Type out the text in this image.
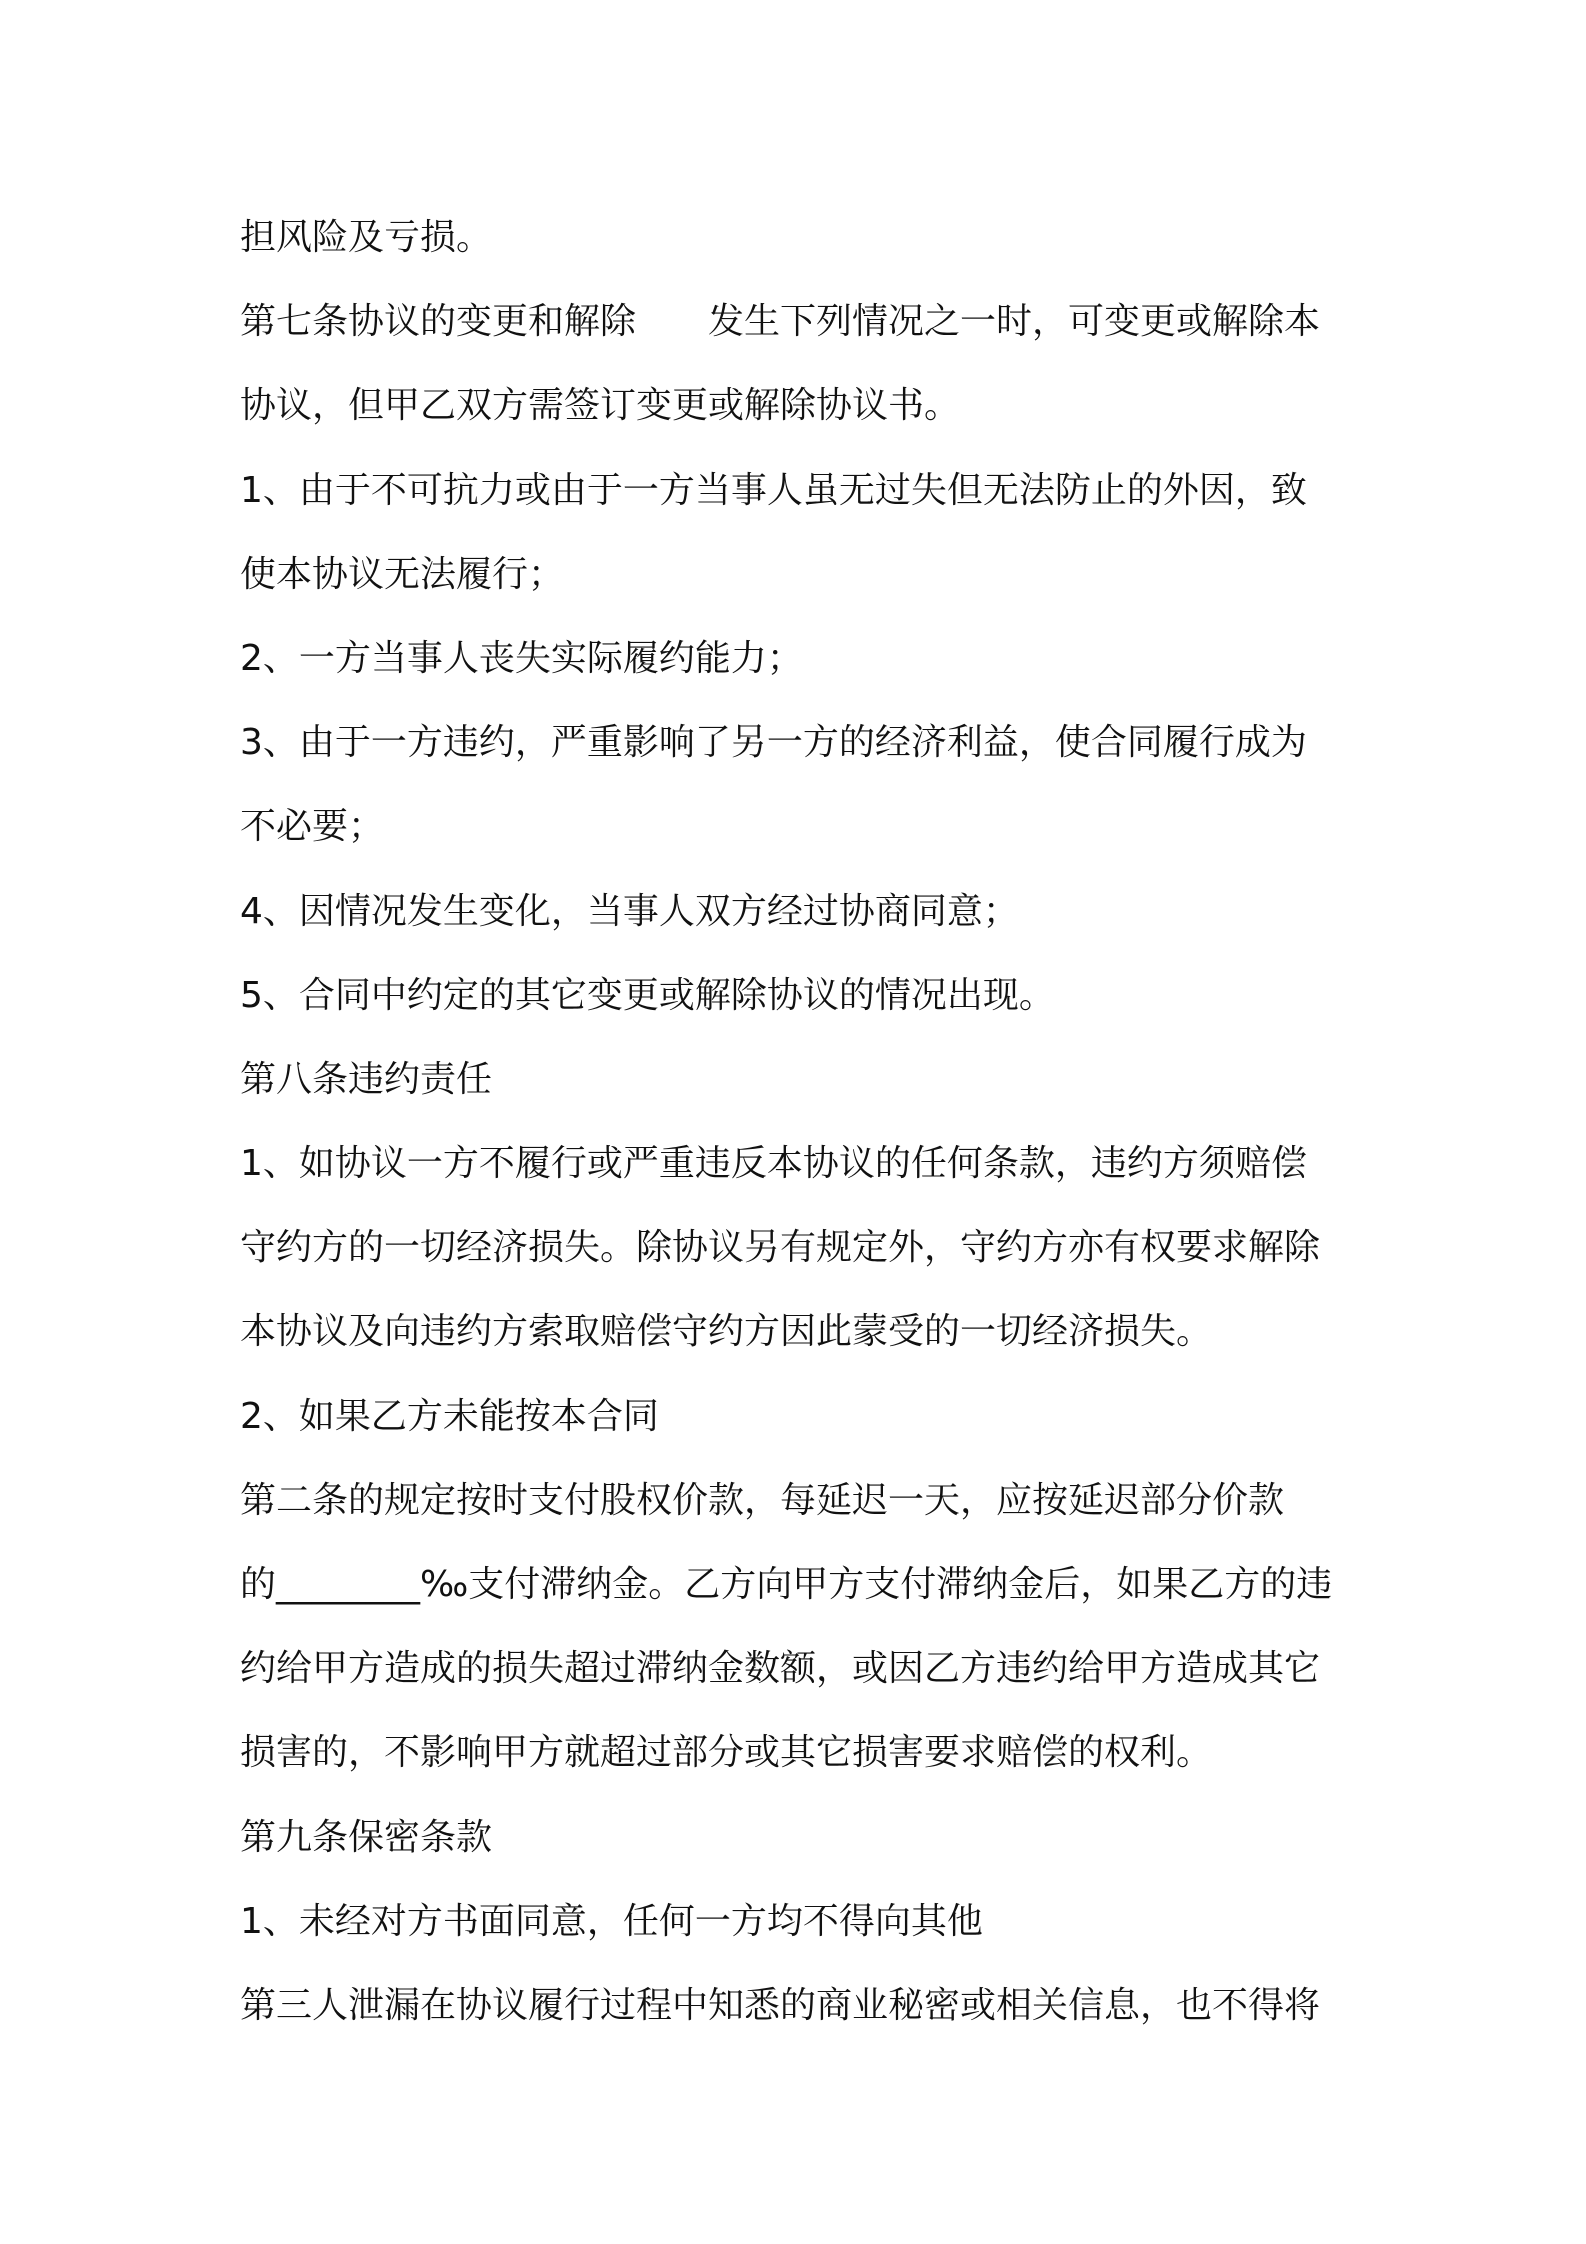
担风险及亏损。
第七条协议的变更和解除　　发生下列情况之一时，可变更或解除本
协议，但甲乙双方需签订变更或解除协议书。
1、由于不可抗力或由于一方当事人虽无过失但无法防止的外因，致
使本协议无法履行；
2、一方当事人丧失实际履约能力；
3、由于一方违约，严重影响了另一方的经济利益，使合同履行成为
不必要；
4、因情况发生变化，当事人双方经过协商同意；
5、合同中约定的其它变更或解除协议的情况出现。
第八条违约责任
1、如协议一方不履行或严重违反本协议的任何条款，违约方须赔偿
守约方的一切经济损失。除协议另有规定外，守约方亦有权要求解除
本协议及向违约方索取赔偿守约方因此蒙受的一切经济损失。
2、如果乙方未能按本合同
第二条的规定按时支付股权价款，每延迟一天，应按延迟部分价款
的________‰支付滞纳金。乙方向甲方支付滞纳金后，如果乙方的违
约给甲方造成的损失超过滞纳金数额，或因乙方违约给甲方造成其它
损害的，不影响甲方就超过部分或其它损害要求赔偿的权利。
第九条保密条款
1、未经对方书面同意，任何一方均不得向其他
第三人泄漏在协议履行过程中知悉的商业秘密或相关信息，也不得将
